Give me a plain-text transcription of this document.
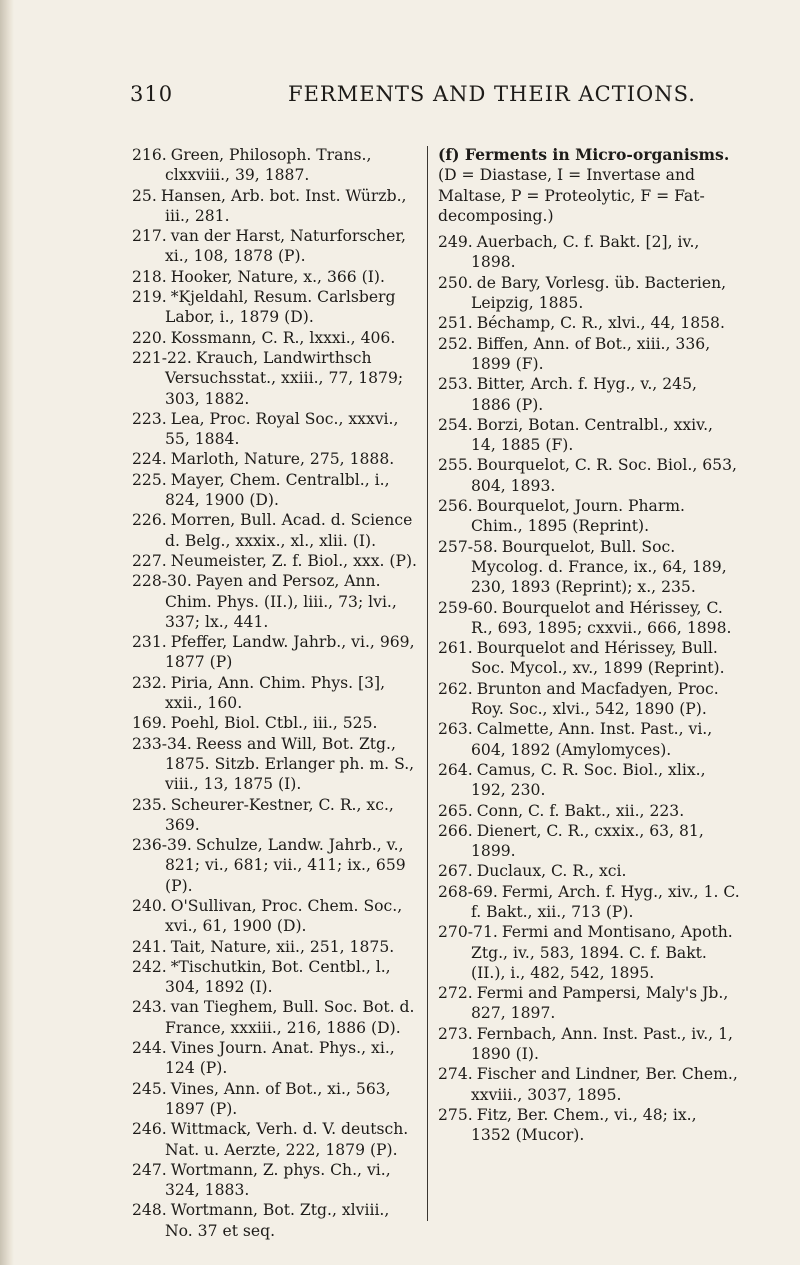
310	FERMENTS AND THEIR ACTIONS.
216. Green, Philosoph. Trans., clxxviii., 39, 1887.
25. Hansen, Arb. bot. Inst. Würzb., iii., 281.
217. van der Harst, Naturforscher, xi., 108, 1878 (P).
218. Hooker, Nature, x., 366 (I).
219. *Kjeldahl, Resum. Carlsberg Labor, i., 1879 (D).
220. Kossmann, C. R., lxxxi., 406.
221-22. Krauch, Landwirthsch Versuchsstat., xxiii., 77, 1879; 303, 1882.
223. Lea, Proc. Royal Soc., xxxvi., 55, 1884.
224. Marloth, Nature, 275, 1888.
225. Mayer, Chem. Centralbl., i., 824, 1900 (D).
226. Morren, Bull. Acad. d. Science d. Belg., xxxix., xl., xlii. (I).
227. Neumeister, Z. f. Biol., xxx. (P).
228-30. Payen and Persoz, Ann. Chim. Phys. (II.), liii., 73; lvi., 337; lx., 441.
231. Pfeffer, Landw. Jahrb., vi., 969, 1877 (P)
232. Piria, Ann. Chim. Phys. [3], xxii., 160.
169. Poehl, Biol. Ctbl., iii., 525.
233-34. Reess and Will, Bot. Ztg., 1875. Sitzb. Erlanger ph. m. S., viii., 13, 1875 (I).
235. Scheurer-Kestner, C. R., xc., 369.
236-39. Schulze, Landw. Jahrb., v., 821; vi., 681; vii., 411; ix., 659 (P).
240. O'Sullivan, Proc. Chem. Soc., xvi., 61, 1900 (D).
241. Tait, Nature, xii., 251, 1875.
242. *Tischutkin, Bot. Centbl., l., 304, 1892 (I).
243. van Tieghem, Bull. Soc. Bot. d. France, xxxiii., 216, 1886 (D).
244. Vines Journ. Anat. Phys., xi., 124 (P).
245. Vines, Ann. of Bot., xi., 563, 1897 (P).
246. Wittmack, Verh. d. V. deutsch. Nat. u. Aerzte, 222, 1879 (P).
247. Wortmann, Z. phys. Ch., vi., 324, 1883.
248. Wortmann, Bot. Ztg., xlviii., No. 37 et seq.
(f) Ferments in Micro-organisms.
(D = Diastase, I = Invertase and Maltase, P = Proteolytic, F = Fat-decomposing.)
249. Auerbach, C. f. Bakt. [2], iv., 1898.
250. de Bary, Vorlesg. üb. Bacterien, Leipzig, 1885.
251. Béchamp, C. R., xlvi., 44, 1858.
252. Biffen, Ann. of Bot., xiii., 336, 1899 (F).
253. Bitter, Arch. f. Hyg., v., 245, 1886 (P).
254. Borzi, Botan. Centralbl., xxiv., 14, 1885 (F).
255. Bourquelot, C. R. Soc. Biol., 653, 804, 1893.
256. Bourquelot, Journ. Pharm. Chim., 1895 (Reprint).
257-58. Bourquelot, Bull. Soc. Mycolog. d. France, ix., 64, 189, 230, 1893 (Reprint); x., 235.
259-60. Bourquelot and Hérissey, C. R., 693, 1895; cxxvii., 666, 1898.
261. Bourquelot and Hérissey, Bull. Soc. Mycol., xv., 1899 (Reprint).
262. Brunton and Macfadyen, Proc. Roy. Soc., xlvi., 542, 1890 (P).
263. Calmette, Ann. Inst. Past., vi., 604, 1892 (Amylomyces).
264. Camus, C. R. Soc. Biol., xlix., 192, 230.
265. Conn, C. f. Bakt., xii., 223.
266. Dienert, C. R., cxxix., 63, 81, 1899.
267. Duclaux, C. R., xci.
268-69. Fermi, Arch. f. Hyg., xiv., 1. C. f. Bakt., xii., 713 (P).
270-71. Fermi and Montisano, Apoth. Ztg., iv., 583, 1894. C. f. Bakt. (II.), i., 482, 542, 1895.
272. Fermi and Pampersi, Maly's Jb., 827, 1897.
273. Fernbach, Ann. Inst. Past., iv., 1, 1890 (I).
274. Fischer and Lindner, Ber. Chem., xxviii., 3037, 1895.
275. Fitz, Ber. Chem., vi., 48; ix., 1352 (Mucor).
